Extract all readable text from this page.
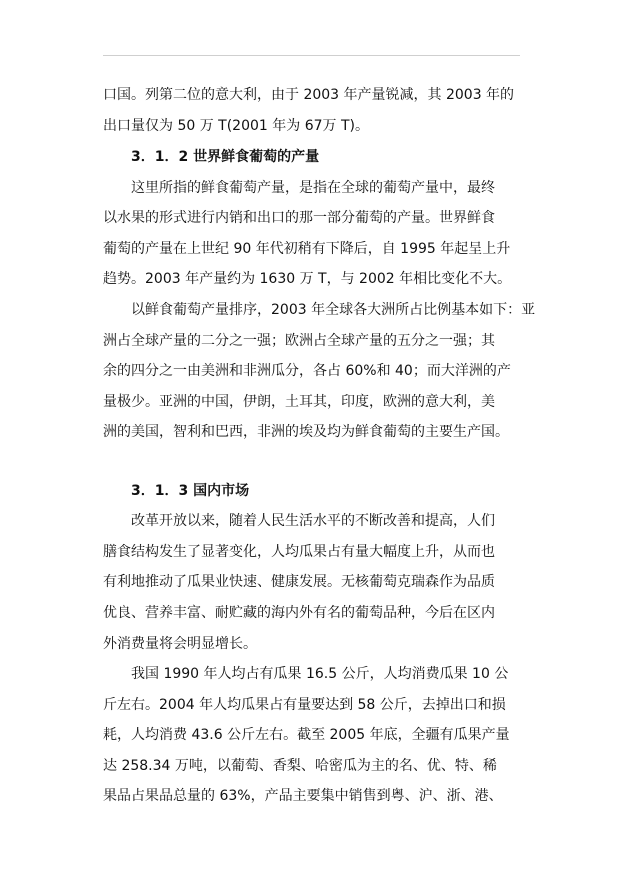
口国。列第二位的意大利，由于 2003 年产量锐减，其 2003 年的
出口量仅为 50 万 T(2001 年为 67万 T)。
3．1．2 世界鲜食葡萄的产量
这里所指的鲜食葡萄产量，是指在全球的葡萄产量中，最终
以水果的形式进行内销和出口的那一部分葡萄的产量。世界鲜食
葡萄的产量在上世纪 90 年代初稍有下降后，自 1995 年起呈上升
趋势。2003 年产量约为 1630 万 T，与 2002 年相比变化不大。
以鲜食葡萄产量排序，2003 年全球各大洲所占比例基本如下：亚
洲占全球产量的二分之一强；欧洲占全球产量的五分之一强；其
余的四分之一由美洲和非洲瓜分，各占 60%和 40；而大洋洲的产
量极少。亚洲的中国，伊朗，土耳其，印度，欧洲的意大利，美
洲的美国，智利和巴西，非洲的埃及均为鲜食葡萄的主要生产国。
3．1．3 国内市场
改革开放以来，随着人民生活水平的不断改善和提高，人们
膳食结构发生了显著变化，人均瓜果占有量大幅度上升，从而也
有利地推动了瓜果业快速、健康发展。无核葡萄克瑞森作为品质
优良、营养丰富、耐贮藏的海内外有名的葡萄品种，今后在区内
外消费量将会明显增长。
我国 1990 年人均占有瓜果 16.5 公斤，人均消费瓜果 10 公
斤左右。2004 年人均瓜果占有量要达到 58 公斤，去掉出口和损
耗，人均消费 43.6 公斤左右。截至 2005 年底，全疆有瓜果产量
达 258.34 万吨，以葡萄、香梨、哈密瓜为主的名、优、特、稀
果品占果品总量的 63%，产品主要集中销售到粤、沪、浙、港、
